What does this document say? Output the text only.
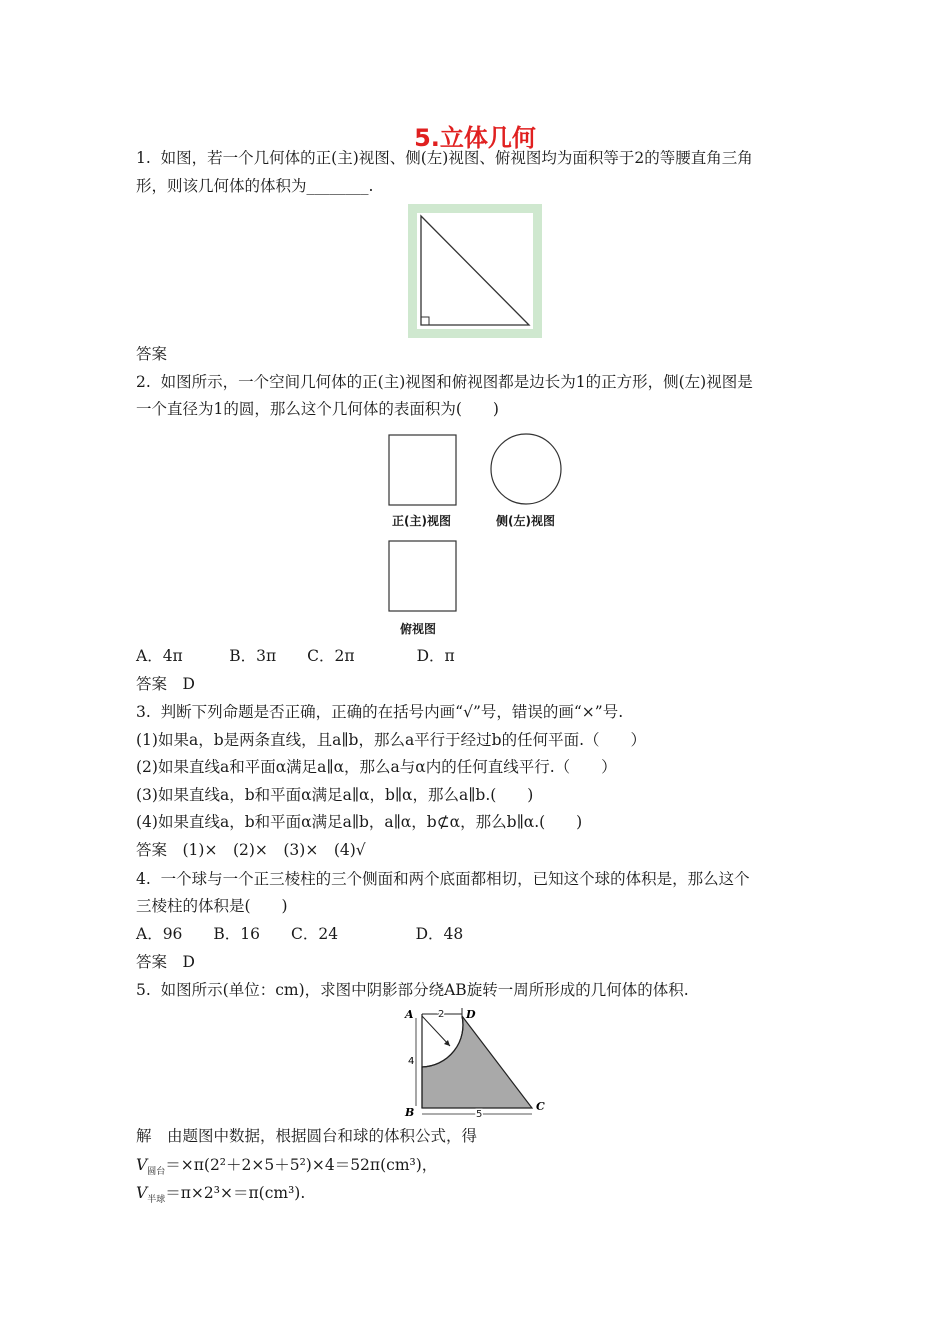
5.立体几何
1.  如图，若一个几何体的正(主)视图、侧(左)视图、俯视图均为面积等于2的等腰直角三角
形，则该几何体的体积为________.
答案
2.  如图所示，一个空间几何体的正(主)视图和俯视图都是边长为1的正方形，侧(左)视图是
一个直径为1的圆，那么这个几何体的表面积为(　　)
正(主)视图	侧(左)视图
俯视图
A．4π　　　B．3π　　C．2π　　　　D．π
答案　D
3.  判断下列命题是否正确，正确的在括号内画“√”号，错误的画“×”号.
(1)如果a，b是两条直线，且a∥b，那么a平行于经过b的任何平面.（　　）
(2)如果直线a和平面α满足a∥α，那么a与α内的任何直线平行.（　　）
(3)如果直线a，b和平面α满足a∥α，b∥α，那么a∥b.(　　)
(4)如果直线a，b和平面α满足a∥b，a∥α，b⊄α，那么b∥α.(　　)
答案　(1)×　(2)×　(3)×　(4)√
4.  一个球与一个正三棱柱的三个侧面和两个底面都相切，已知这个球的体积是，那么这个
三棱柱的体积是(　　)
A．96　　B．16　　C．24　　　　　D．48
答案　D
5.  如图所示(单位：cm)，求图中阴影部分绕AB旋转一周所形成的几何体的体积.
A
B	C
D
2
4
5
解　由题图中数据，根据圆台和球的体积公式，得
$V_{圆台}=\times\pi(2^2+2\times 5+5^2)\times 4=52\pi(cm^3)$，
$V_{半球}=\pi\times 2^3\times=\pi(cm^3)$.
